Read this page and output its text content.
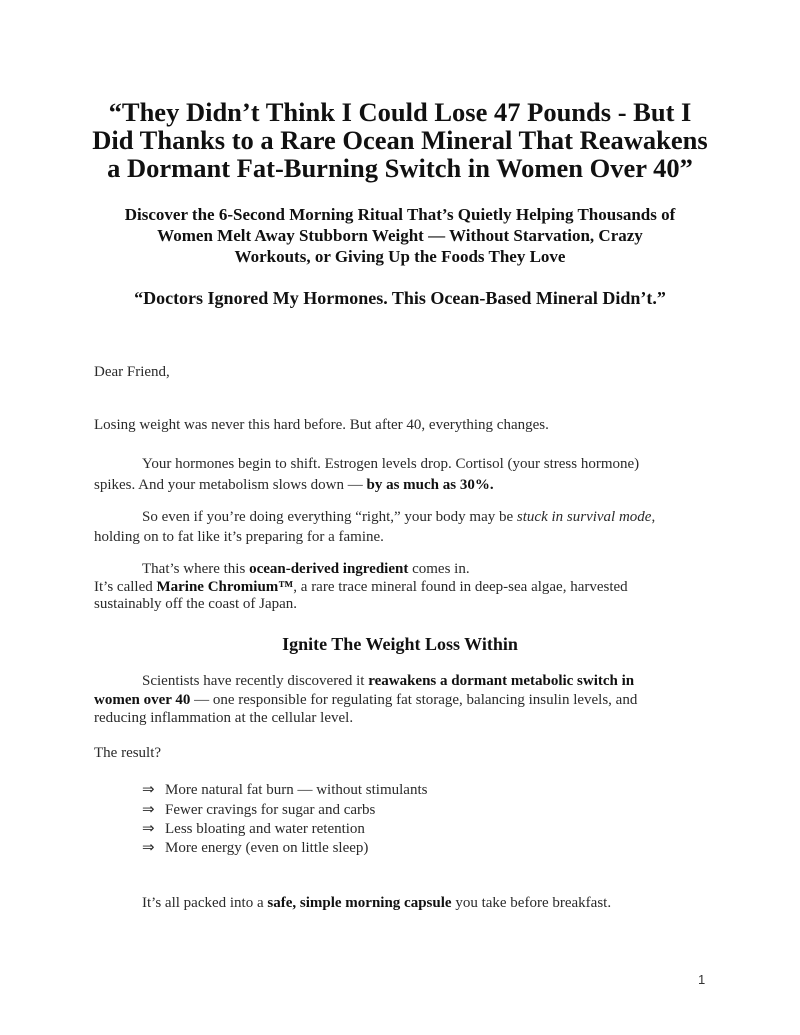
“They Didn’t Think I Could Lose 47 Pounds - But I
Did Thanks to a Rare Ocean Mineral That Reawakens
a Dormant Fat-Burning Switch in Women Over 40”
Discover the 6-Second Morning Ritual That’s Quietly Helping Thousands of
Women Melt Away Stubborn Weight — Without Starvation, Crazy
Workouts, or Giving Up the Foods They Love
“Doctors Ignored My Hormones. This Ocean-Based Mineral Didn’t.”
Dear Friend,
Losing weight was never this hard before. But after 40, everything changes.
Your hormones begin to shift. Estrogen levels drop. Cortisol (your stress hormone)
spikes. And your metabolism slows down — by as much as 30%.
So even if you’re doing everything “right,” your body may be stuck in survival mode,
holding on to fat like it’s preparing for a famine.
That’s where this ocean-derived ingredient comes in.
It’s called Marine Chromium™, a rare trace mineral found in deep-sea algae, harvested
sustainably off the coast of Japan.
Ignite The Weight Loss Within
Scientists have recently discovered it reawakens a dormant metabolic switch in
women over 40 — one responsible for regulating fat storage, balancing insulin levels, and
reducing inflammation at the cellular level.
The result?
⇒ More natural fat burn — without stimulants
⇒ Fewer cravings for sugar and carbs
⇒ Less bloating and water retention
⇒ More energy (even on little sleep)
It’s all packed into a safe, simple morning capsule you take before breakfast.
1
